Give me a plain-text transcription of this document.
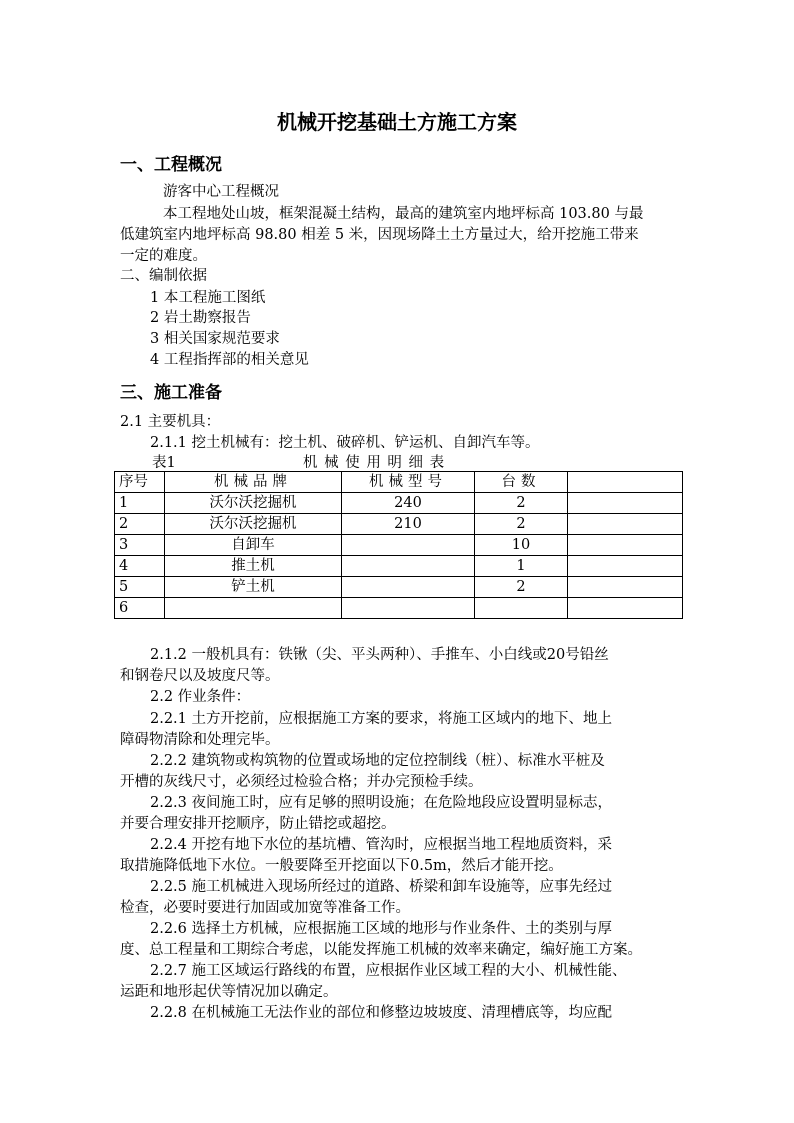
机械开挖基础土方施工方案
一、工程概况
游客中心工程概况
本工程地处山坡，框架混凝土结构，最高的建筑室内地坪标高 103.80 与最
低建筑室内地坪标高 98.80 相差 5 米，因现场降土土方量过大，给开挖施工带来
一定的难度。
二、编制依据
1 本工程施工图纸
2 岩土勘察报告
3 相关国家规范要求
4 工程指挥部的相关意见
三、施工准备
2.1 主要机具：
2.1.1 挖土机械有：挖土机、破碎机、铲运机、自卸汽车等。
表1	机 械 使 用 明 细 表
序号	机械品牌	机械型号	台数	
1	沃尔沃挖掘机	240	2	
2	沃尔沃挖掘机	210	2	
3	自卸车		10	
4	推土机		1	
5	铲土机		2	
6				
2.1.2 一般机具有：铁锹（尖、平头两种）、手推车、小白线或20号铅丝
和钢卷尺以及坡度尺等。
2.2 作业条件：
2.2.1 土方开挖前，应根据施工方案的要求，将施工区域内的地下、地上
障碍物清除和处理完毕。
2.2.2 建筑物或构筑物的位置或场地的定位控制线（桩）、标准水平桩及
开槽的灰线尺寸，必须经过检验合格；并办完预检手续。
2.2.3 夜间施工时，应有足够的照明设施；在危险地段应设置明显标志，
并要合理安排开挖顺序，防止错挖或超挖。
2.2.4 开挖有地下水位的基坑槽、管沟时，应根据当地工程地质资料，采
取措施降低地下水位。一般要降至开挖面以下0.5m，然后才能开挖。
2.2.5 施工机械进入现场所经过的道路、桥梁和卸车设施等，应事先经过
检查，必要时要进行加固或加宽等准备工作。
2.2.6 选择土方机械，应根据施工区域的地形与作业条件、土的类别与厚
度、总工程量和工期综合考虑，以能发挥施工机械的效率来确定，编好施工方案。
2.2.7 施工区域运行路线的布置，应根据作业区域工程的大小、机械性能、
运距和地形起伏等情况加以确定。
2.2.8 在机械施工无法作业的部位和修整边坡坡度、清理槽底等，均应配
